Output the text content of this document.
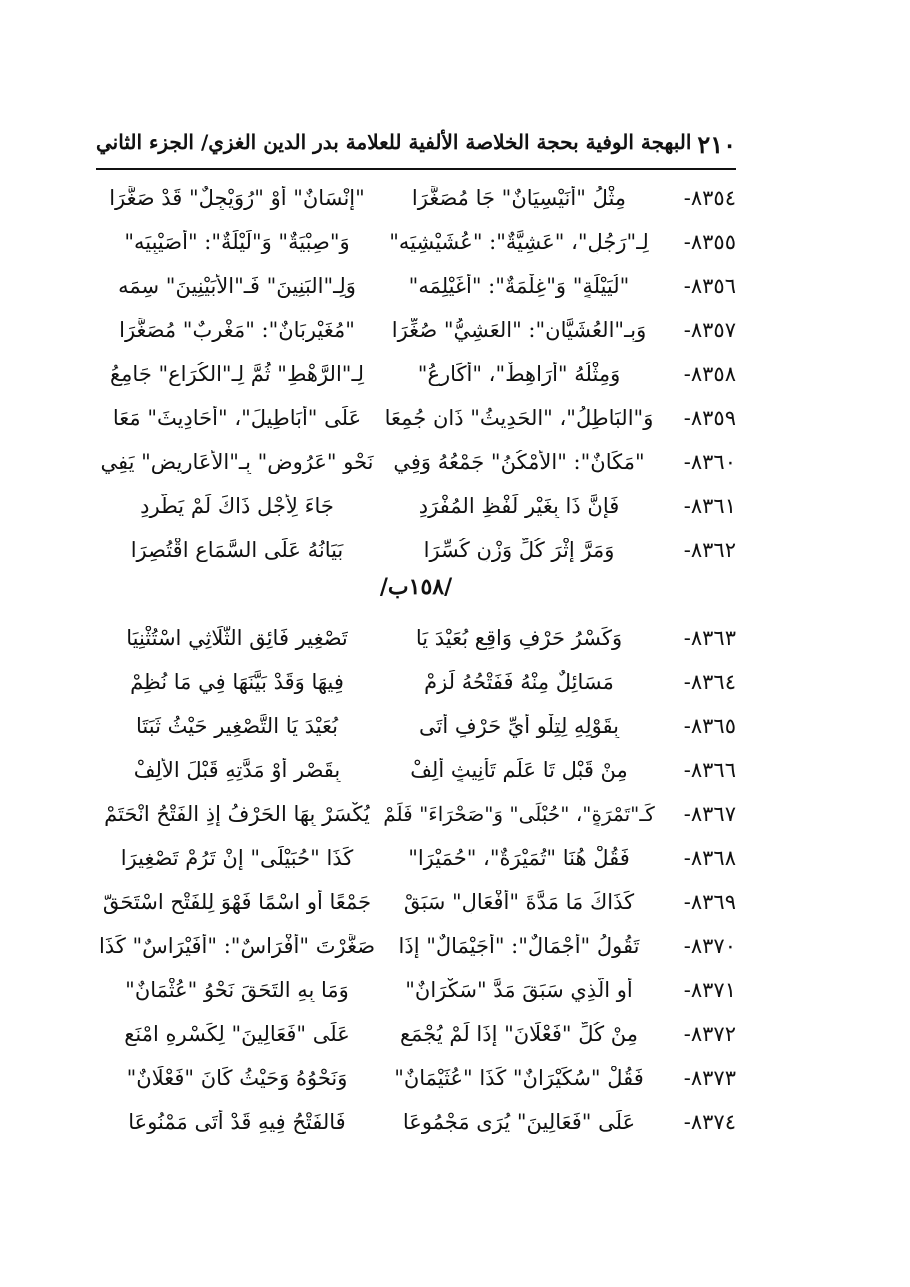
٢١٠
البهجة الوفية بحجة الخلاصة الألفية للعلامة بدر الدين الغزي/ الجزء الثاني
٨٣٥٤-
مِثْلُ "أُنَيْسِيَانٌ" جَا مُصَغَّرَا
"إِنْسَانٌ" أَوْ "رُوَيْجِلٌ" قَدْ صَغَّرَا
٨٣٥٥-
لِـ"رَجُلٍ"، "عَشِيَّةٌ": "عُشَيْشِيَه"
وَ"صِبْيَةٌ" وَ"لَيْلَةٌ": "أُصَيْبِيَه"
٨٣٥٦-
"لُيَيْلَةٍ" وَ"غِلْمَةٌ": "أُغَيْلِمَه"
وَلِـ"البَنِينَ" فَـ"الأُبَيْنِينَ" سِمَه
٨٣٥٧-
وَبِـ"العُشَيَّانِ": "العَشِيُّ" صُغِّرَا
"مُغَيْرِبَانٌ": "مَغْرِبٌ" مُصَغَّرَا
٨٣٥٨-
وَمِثْلُهُ "أَرَاهِطٌ"، "أَكَارِعُ"
لِـ"الرَّهْطِ" ثُمَّ لِـ"الكُرَاعِ" جَامِعُ
٨٣٥٩-
وَ"البَاطِلُ"، "الحَدِيثُ" ذَانِ جُمِعَا
عَلَى "أَبَاطِيلَ"، "أَحَادِيثَ" مَعَا
٨٣٦٠-
"مَكَانٌ": "الأَمْكُنُ" جَمْعُهُ وَفِي
نَحْوِ "عَرُوضٍ" بِـ"الأَعَارِيضِ" يَفِي
٨٣٦١-
فَإِنَّ ذَا بِغَيْرِ لَفْظِ المُفْرَدِ
جَاءَ لِأَجْلِ ذَاكَ لَمْ يَطَّرِدِ
٨٣٦٢-
وَمَرَّ إِثْرَ كُلِّ وَزْنٍ كُسِّرَا
بَيَانُهُ عَلَى السَّمَاعِ اقْتُصِرَا
/١٥٨ب/
٨٣٦٣-
وَكَسْرُ حَرْفٍ وَاقِعٍ بُعَيْدَ يَا
تَصْغِيرِ فَائِقِ الثُّلَاثِي اسْتُثْنِيَا
٨٣٦٤-
مَسَائِلٌ مِنْهُ فَفَتْحُهُ لَزِمْ
فِيهَا وَقَدْ بَيَّنَهَا فِي مَا نُظِمْ
٨٣٦٥-
بِقَوْلِهِ لِتِلْوِ أَيِّ حَرْفٍ أَتَى
بُعَيْدَ يَا التَّصْغِيرِ حَيْثُ ثَبَتَا
٨٣٦٦-
مِنْ قَبْلِ تَا عَلَمِ تَأْنِيثٍ أَلِفْ
بِقَصْرٍ أَوْ مَدَّتِهِ قَبْلَ الأَلِفْ
٨٣٦٧-
كَـ"تَمْرَةٍ"، "حُبْلَى" وَ"صَحْرَاءَ" فَلَمْ
يُكْسَرْ بِهَا الحَرْفُ إِذِ الفَتْحُ انْحَتَمْ
٨٣٦٨-
فَقُلْ هُنَا "تُمَيْرَةٌ"، "حُمَيْرَا"
كَذَا "حُبَيْلَى" إِنْ تَرُمْ تَصْغِيرَا
٨٣٦٩-
كَذَاكَ مَا مَدَّةَ "أَفْعَالٍ" سَبَقْ
جَمْعًا أَوِ اسْمًا فَهْوَ لِلفَتْحِ اسْتَحَقّ
٨٣٧٠-
تَقُولُ "أَجْمَالٌ": "أُجَيْمَالٌ" إِذَا
صَغَّرْتَ "أَفْرَاسٌ": "أُفَيْرَاسٌ" كَذَا
٨٣٧١-
أَوِ الَّذِي سَبَقَ مَدَّ "سَكْرَانٌ"
وَمَا بِهِ التَحَقَ نَحْوُ "عُثْمَانٌ"
٨٣٧٢-
مِنْ كُلِّ "فَعْلَانَ" إِذَا لَمْ يُجْمَعِ
عَلَى "فَعَالِينَ" لِكَسْرِهِ امْنَعِ
٨٣٧٣-
فَقُلْ "سُكَيْرَانٌ" كَذَا "عُثَيْمَانٌ"
وَنَحْوُهُ وَحَيْثُ كَانَ "فَعْلَانٌ"
٨٣٧٤-
عَلَى "فَعَالِينَ" يُرَى مَجْمُوعَا
فَالفَتْحُ فِيهِ قَدْ أَتَى مَمْنُوعَا
